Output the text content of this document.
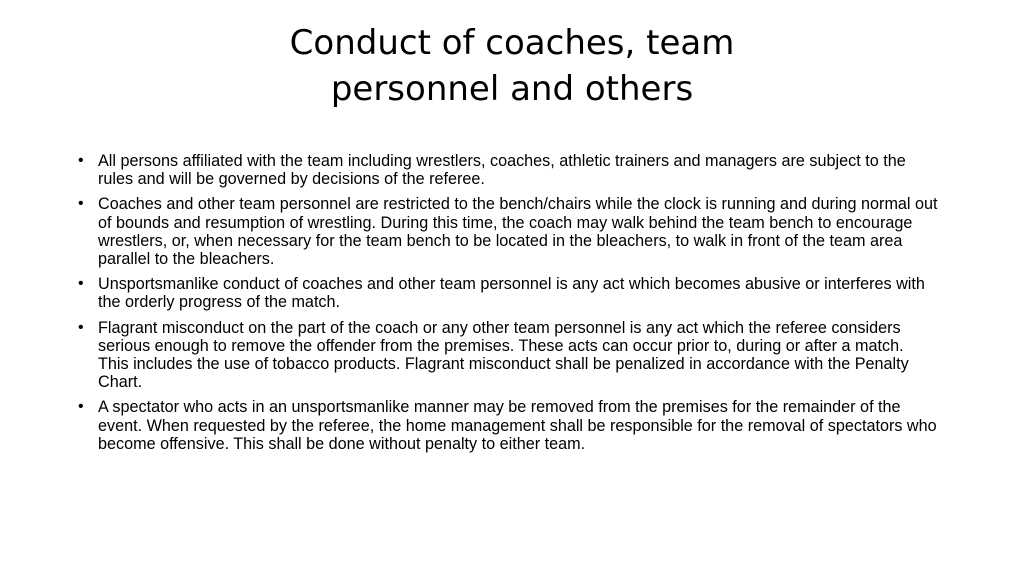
Conduct of coaches, team
personnel and others
• All persons affiliated with the team including wrestlers, coaches, athletic trainers and managers are subject to the rules and will be governed by decisions of the referee.
• Coaches and other team personnel are restricted to the bench/chairs while the clock is running and during normal out of bounds and resumption of wrestling. During this time, the coach may walk behind the team bench to encourage wrestlers, or, when necessary for the team bench to be located in the bleachers, to walk in front of the team area parallel to the bleachers.
• Unsportsmanlike conduct of coaches and other team personnel is any act which becomes abusive or interferes with the orderly progress of the match.
• Flagrant misconduct on the part of the coach or any other team personnel is any act which the referee considers serious enough to remove the offender from the premises. These acts can occur prior to, during or after a match. This includes the use of tobacco products. Flagrant misconduct shall be penalized in accordance with the Penalty Chart.
• A spectator who acts in an unsportsmanlike manner may be removed from the premises for the remainder of the event. When requested by the referee, the home management shall be responsible for the removal of spectators who become offensive. This shall be done without penalty to either team.
